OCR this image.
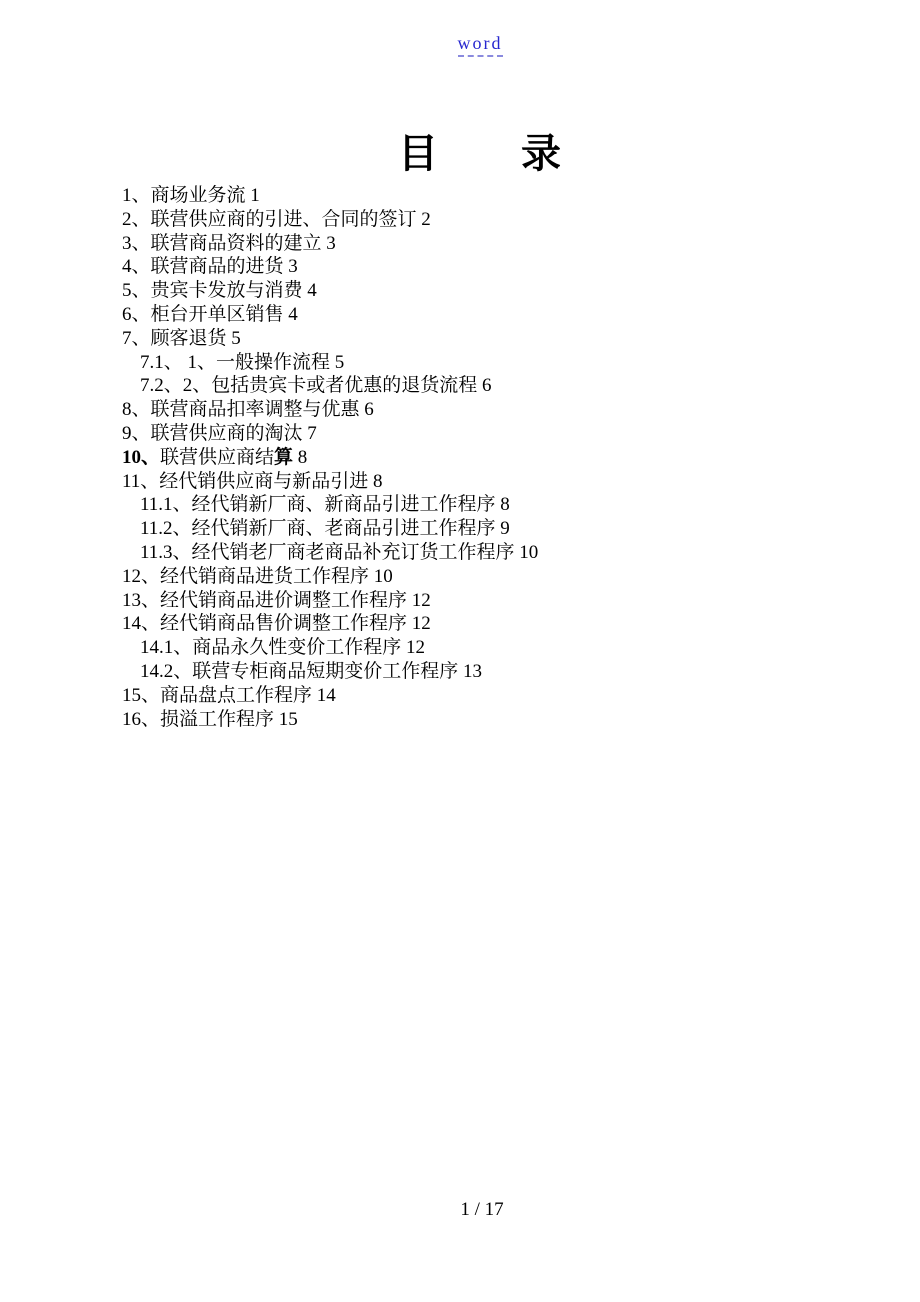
word
目　　录
1、商场业务流 1
2、联营供应商的引进、合同的签订 2
3、联营商品资料的建立 3
4、联营商品的进货 3
5、贵宾卡发放与消费 4
6、柜台开单区销售 4
7、顾客退货 5
7.1、 1、一般操作流程 5
7.2、2、包括贵宾卡或者优惠的退货流程 6
8、联营商品扣率调整与优惠 6
9、联营供应商的淘汰 7
10、联营供应商结算 8
11、经代销供应商与新品引进 8
11.1、经代销新厂商、新商品引进工作程序 8
11.2、经代销新厂商、老商品引进工作程序 9
11.3、经代销老厂商老商品补充订货工作程序 10
12、经代销商品进货工作程序 10
13、经代销商品进价调整工作程序 12
14、经代销商品售价调整工作程序 12
14.1、商品永久性变价工作程序 12
14.2、联营专柜商品短期变价工作程序 13
15、商品盘点工作程序 14
16、损溢工作程序 15
1 / 17
